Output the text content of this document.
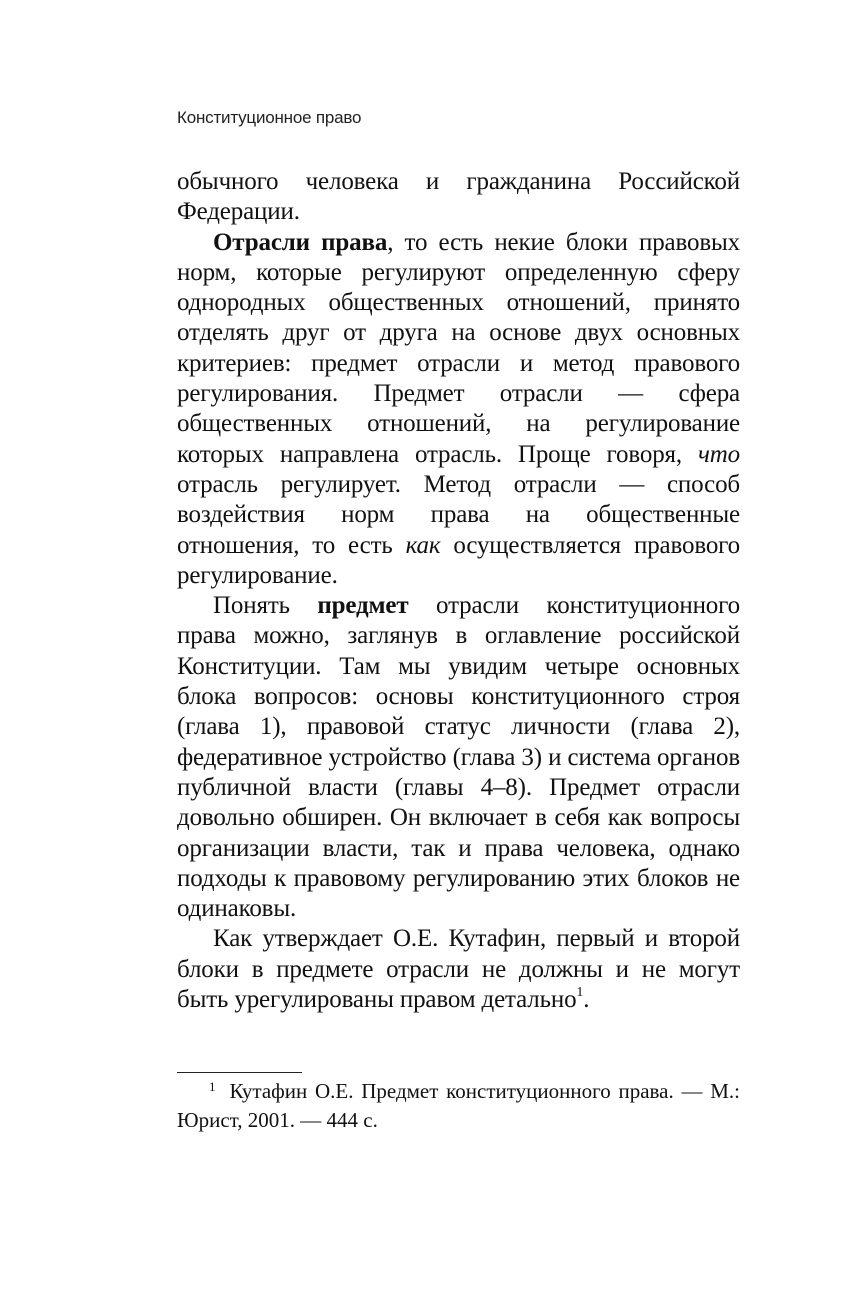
Конституционное право

обычного человека и гражданина Российской Федерации.

Отрасли права, то есть некие блоки правовых норм, которые регулируют определенную сферу однородных общественных отношений, принято отделять друг от друга на основе двух основных критериев: предмет отрасли и метод правового регулирования. Предмет отрасли — сфера общественных отношений, на регулирование которых направлена отрасль. Проще говоря, что отрасль регулирует. Метод отрасли — способ воздействия норм права на общественные отношения, то есть как осуществляется правового регулирование.

Понять предмет отрасли конституционного права можно, заглянув в оглавление российской Конституции. Там мы увидим четыре основных блока вопросов: основы конституционного строя (глава 1), правовой статус личности (глава 2), федеративное устройство (глава 3) и система органов публичной власти (главы 4–8). Предмет отрасли довольно обширен. Он включает в себя как вопросы организации власти, так и права человека, однако подходы к правовому регулированию этих блоков не одинаковы.

Как утверждает О.Е. Кутафин, первый и второй блоки в предмете отрасли не должны и не могут быть урегулированы правом детально$^1$.

1 Кутафин О.Е. Предмет конституционного права. — М.: Юрист, 2001. — 444 с.
